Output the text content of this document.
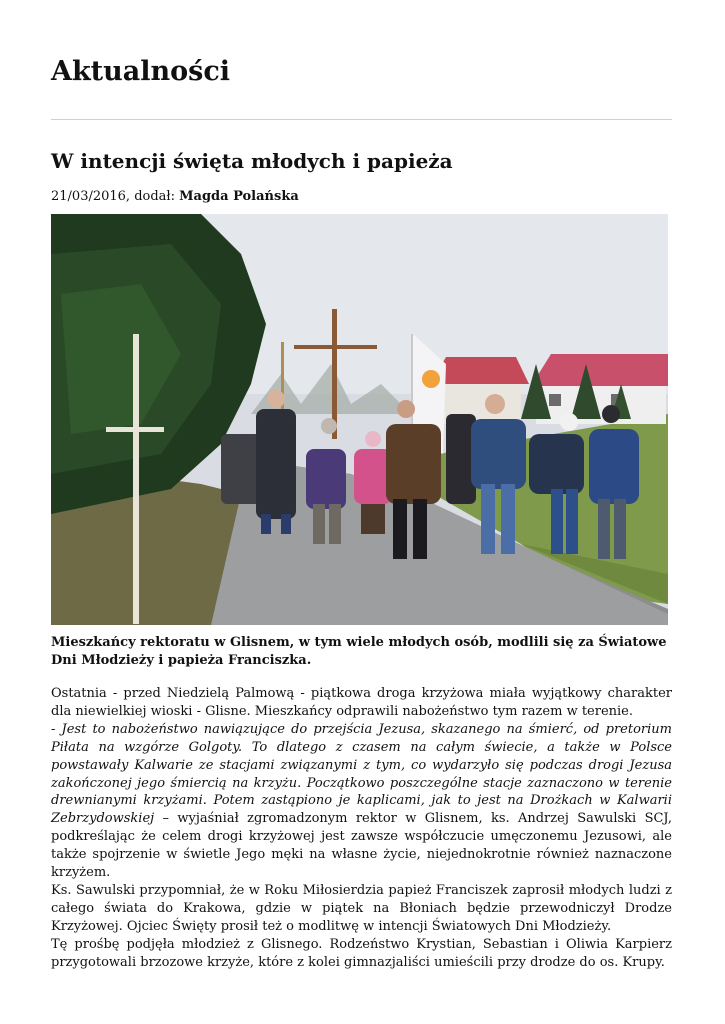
Aktualności
W intencji święta młodych i papieża
21/03/2016, dodał: Magda Polańska

Mieszkańcy rektoratu w Glisnem, w tym wiele młodych osób, modlili się za Światowe Dni Młodzieży i papieża Franciszka.

Ostatnia - przed Niedzielą Palmową - piątkowa droga krzyżowa miała wyjątkowy charakter dla niewielkiej wioski - Glisne. Mieszkańcy odprawili nabożeństwo tym razem w terenie.

- Jest to nabożeństwo nawiązujące do przejścia Jezusa, skazanego na śmierć, od pretorium Piłata na wzgórze Golgoty. To dlatego z czasem na całym świecie, a także w Polsce powstawały Kalwarie ze stacjami związanymi z tym, co wydarzyło się podczas drogi Jezusa zakończonej jego śmiercią na krzyżu. Początkowo poszczególne stacje zaznaczono w terenie drewnianymi krzyżami. Potem zastąpiono je kaplicami, jak to jest na Drożkach w Kalwarii Zebrzydowskiej – wyjaśniał zgromadzonym rektor w Glisnem, ks. Andrzej Sawulski SCJ, podkreślając że celem drogi krzyżowej jest zawsze współczucie umęczonemu Jezusowi, ale także spojrzenie w świetle Jego męki na własne życie, niejednokrotnie również naznaczone krzyżem.

Ks. Sawulski przypomniał, że w Roku Miłosierdzia papież Franciszek zaprosił młodych ludzi z całego świata do Krakowa, gdzie w piątek na Błoniach będzie przewodniczył Drodze Krzyżowej. Ojciec Święty prosił też o modlitwę w intencji Światowych Dni Młodzieży.

Tę prośbę podjęła młodzież z Glisnego. Rodzeństwo Krystian, Sebastian i Oliwia Karpierz przygotowali brzozowe krzyże, które z kolei gimnazjaliści umieścili przy drodze do os. Krupy.
